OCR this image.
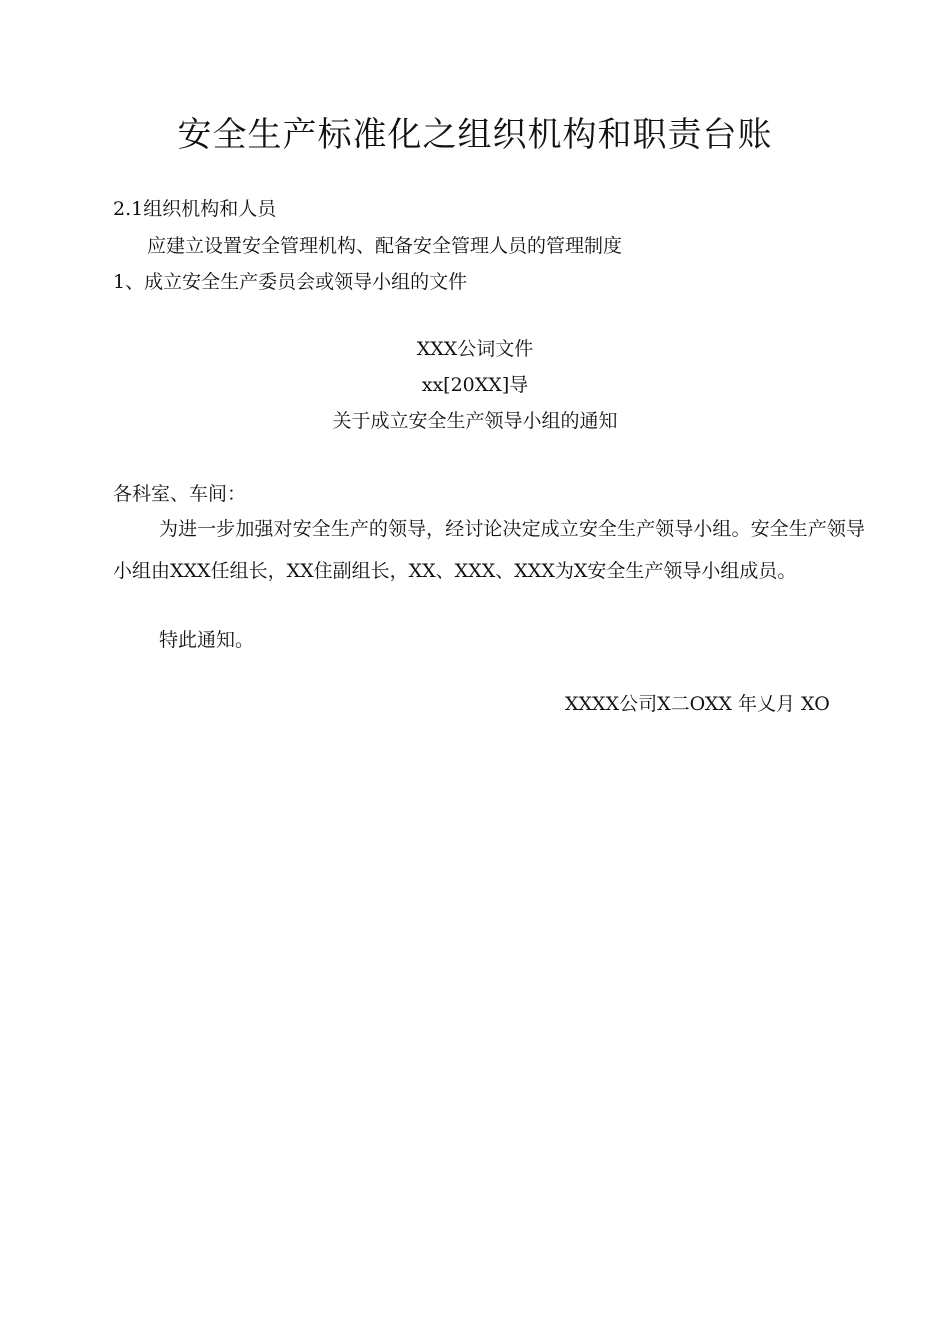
安全生产标准化之组织机构和职责台账
2.1组织机构和人员
应建立设置安全管理机构、配备安全管理人员的管理制度
1、成立安全生产委员会或领导小组的文件
XXX公词文件
xx[20XX]导
关于成立安全生产领导小组的通知
各科室、车间：
为进一步加强对安全生产的领导，经讨论决定成立安全生产领导小组。安全生产领导小组由XXX任组长，XX住副组长，XX、XXX、XXX为X安全生产领导小组成员。
特此通知。
XXXX公司X二OXX 年乂月 XO
